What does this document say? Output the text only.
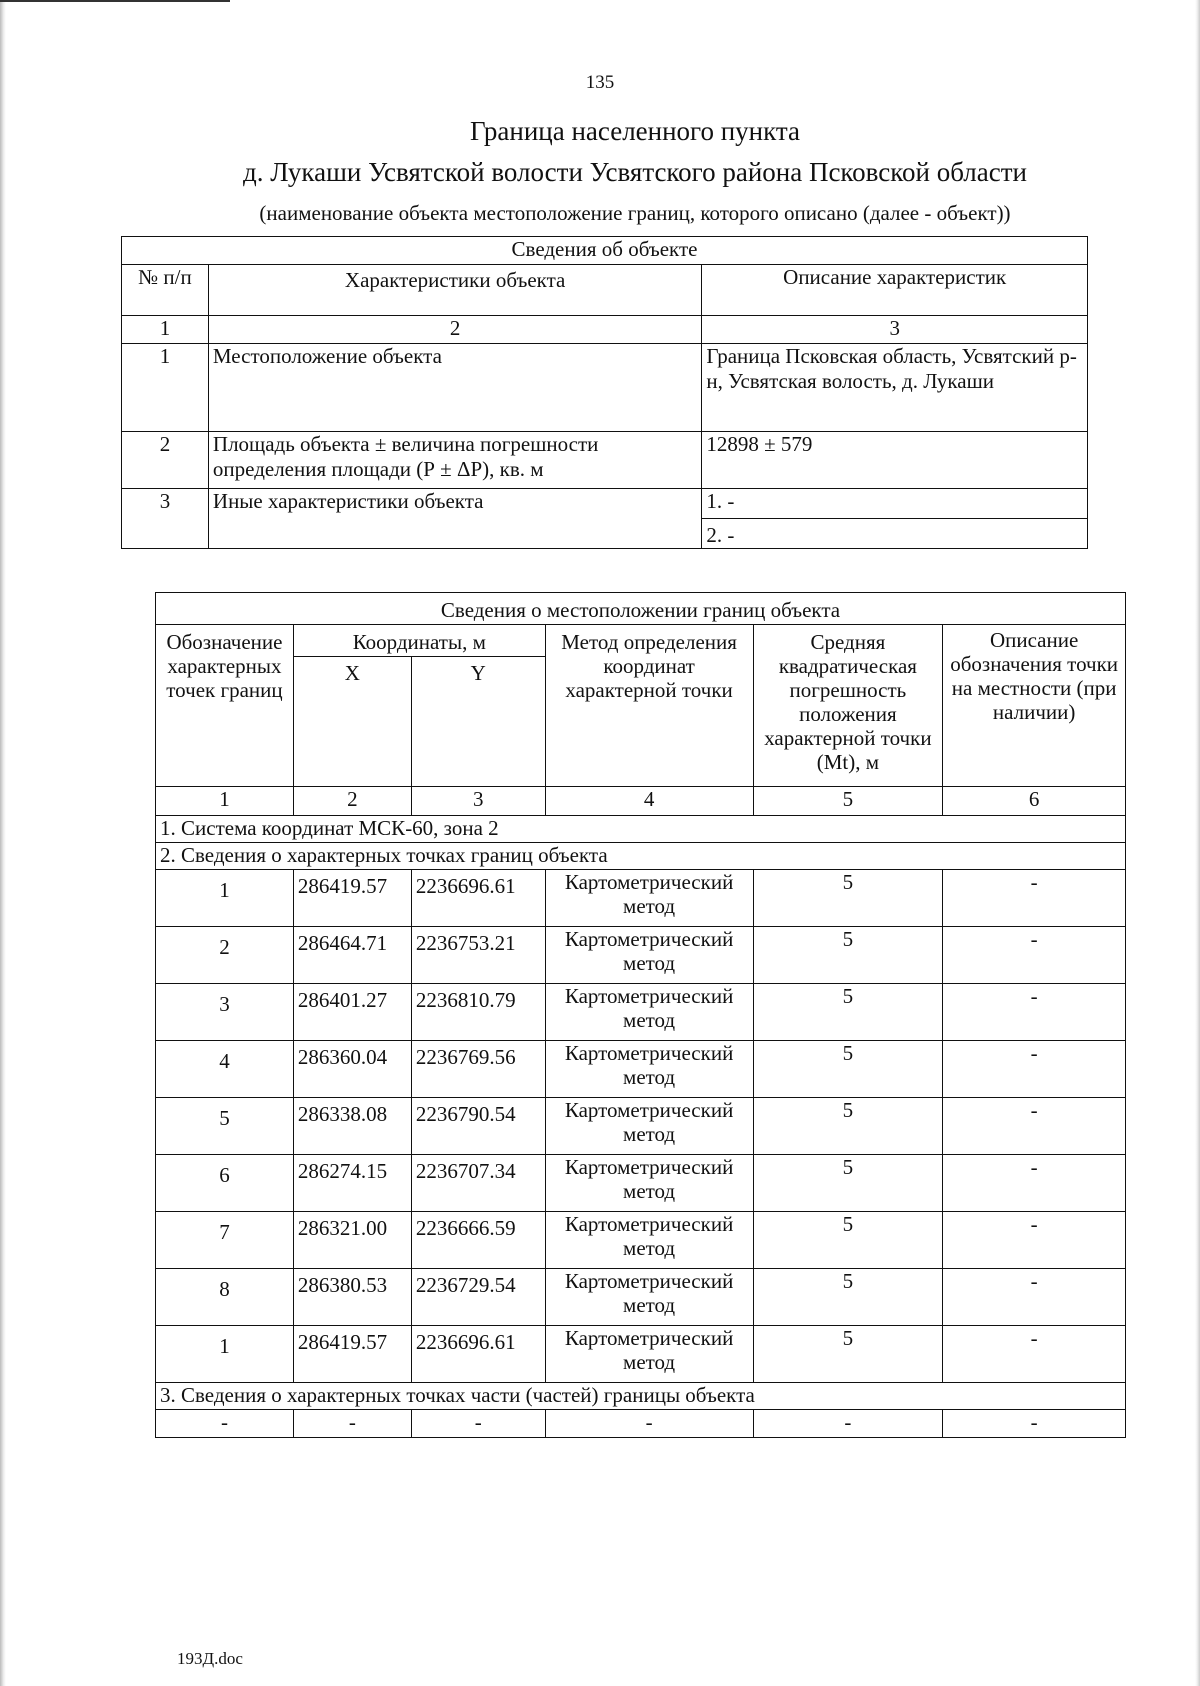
135
Граница населенного пункта
д. Лукаши Усвятской волости Усвятского района Псковской области
(наименование объекта местоположение границ, которого описано (далее - объект))
Сведения об объекте		
№ п/п	Характеристики объекта	Описание характеристик
1	2	3
1	Местоположение объекта	Граница Псковская область, Усвятский р-н, Усвятская волость, д. Лукаши
2	Площадь объекта ± величина погрешности определения площади (Р ± ΔР), кв. м	12898 ± 579
3	Иные характеристики объекта	1. -
2. -
Сведения о местоположении границ объекта					
Обозначение характерных точек границ	Координаты, м		Метод определения координат характерной точки	Средняя квадратическая погрешность положения характерной точки (Мt), м	Описание обозначения точки на местности (при наличии)
	X	Y			
1	2	3	4	5	6
1. Система координат МСК-60, зона 2					
2. Сведения о характерных точках границ объекта					
1	286419.57	2236696.61	Картометрический метод	5	-
2	286464.71	2236753.21	Картометрический метод	5	-
3	286401.27	2236810.79	Картометрический метод	5	-
4	286360.04	2236769.56	Картометрический метод	5	-
5	286338.08	2236790.54	Картометрический метод	5	-
6	286274.15	2236707.34	Картометрический метод	5	-
7	286321.00	2236666.59	Картометрический метод	5	-
8	286380.53	2236729.54	Картометрический метод	5	-
1	286419.57	2236696.61	Картометрический метод	5	-
3. Сведения о характерных точках части (частей) границы объекта					
-	-	-	-	-	-
193Д.doc
